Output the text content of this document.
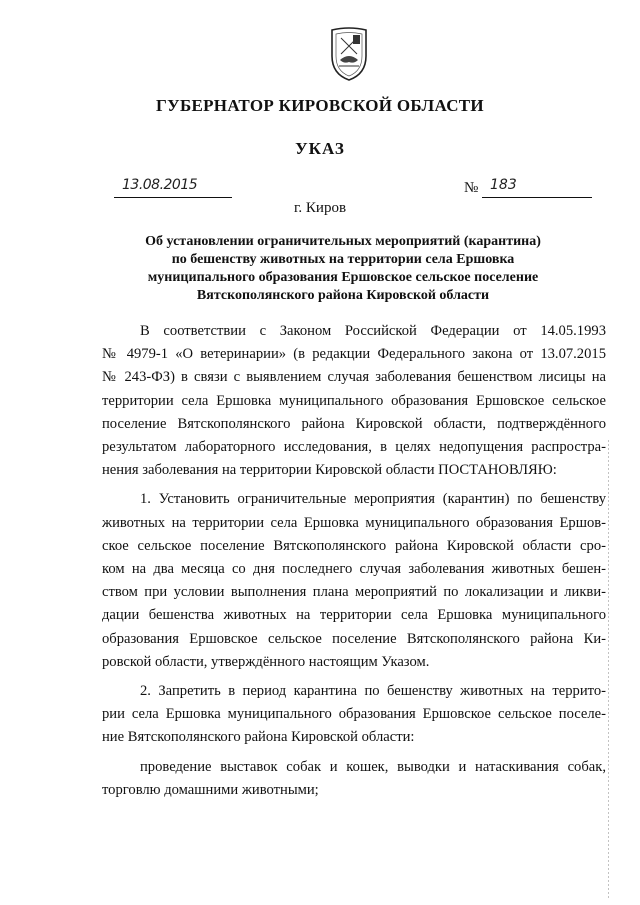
ГУБЕРНАТОР КИРОВСКОЙ ОБЛАСТИ
УКАЗ
13.08.2015	№ 183
г. Киров
Об установлении ограничительных мероприятий (карантина)
по бешенству животных на территории села Ершовка
муниципального образования Ершовское сельское поселение
Вятскополянского района Кировской области

В соответствии с Законом Российской Федерации от 14.05.1993
№ 4979-1 «О ветеринарии» (в редакции Федерального закона от 13.07.2015
№ 243-ФЗ) в связи с выявлением случая заболевания бешенством лисицы на
территории села Ершовка муниципального образования Ершовское сельское
поселение Вятскополянского района Кировской области, подтверждённого
результатом лабораторного исследования, в целях недопущения распростра-
нения заболевания на территории Кировской области ПОСТАНОВЛЯЮ:

1. Установить ограничительные мероприятия (карантин) по бешенству
животных на территории села Ершовка муниципального образования Ершов-
ское сельское поселение Вятскополянского района Кировской области сро-
ком на два месяца со дня последнего случая заболевания животных бешен-
ством при условии выполнения плана мероприятий по локализации и ликви-
дации бешенства животных на территории села Ершовка муниципального
образования Ершовское сельское поселение Вятскополянского района Ки-
ровской области, утверждённого настоящим Указом.

2. Запретить в период карантина по бешенству животных на террито-
рии села Ершовка муниципального образования Ершовское сельское поселе-
ние Вятскополянского района Кировской области:

проведение выставок собак и кошек, выводки и натаскивания собак,
торговлю домашними животными;
